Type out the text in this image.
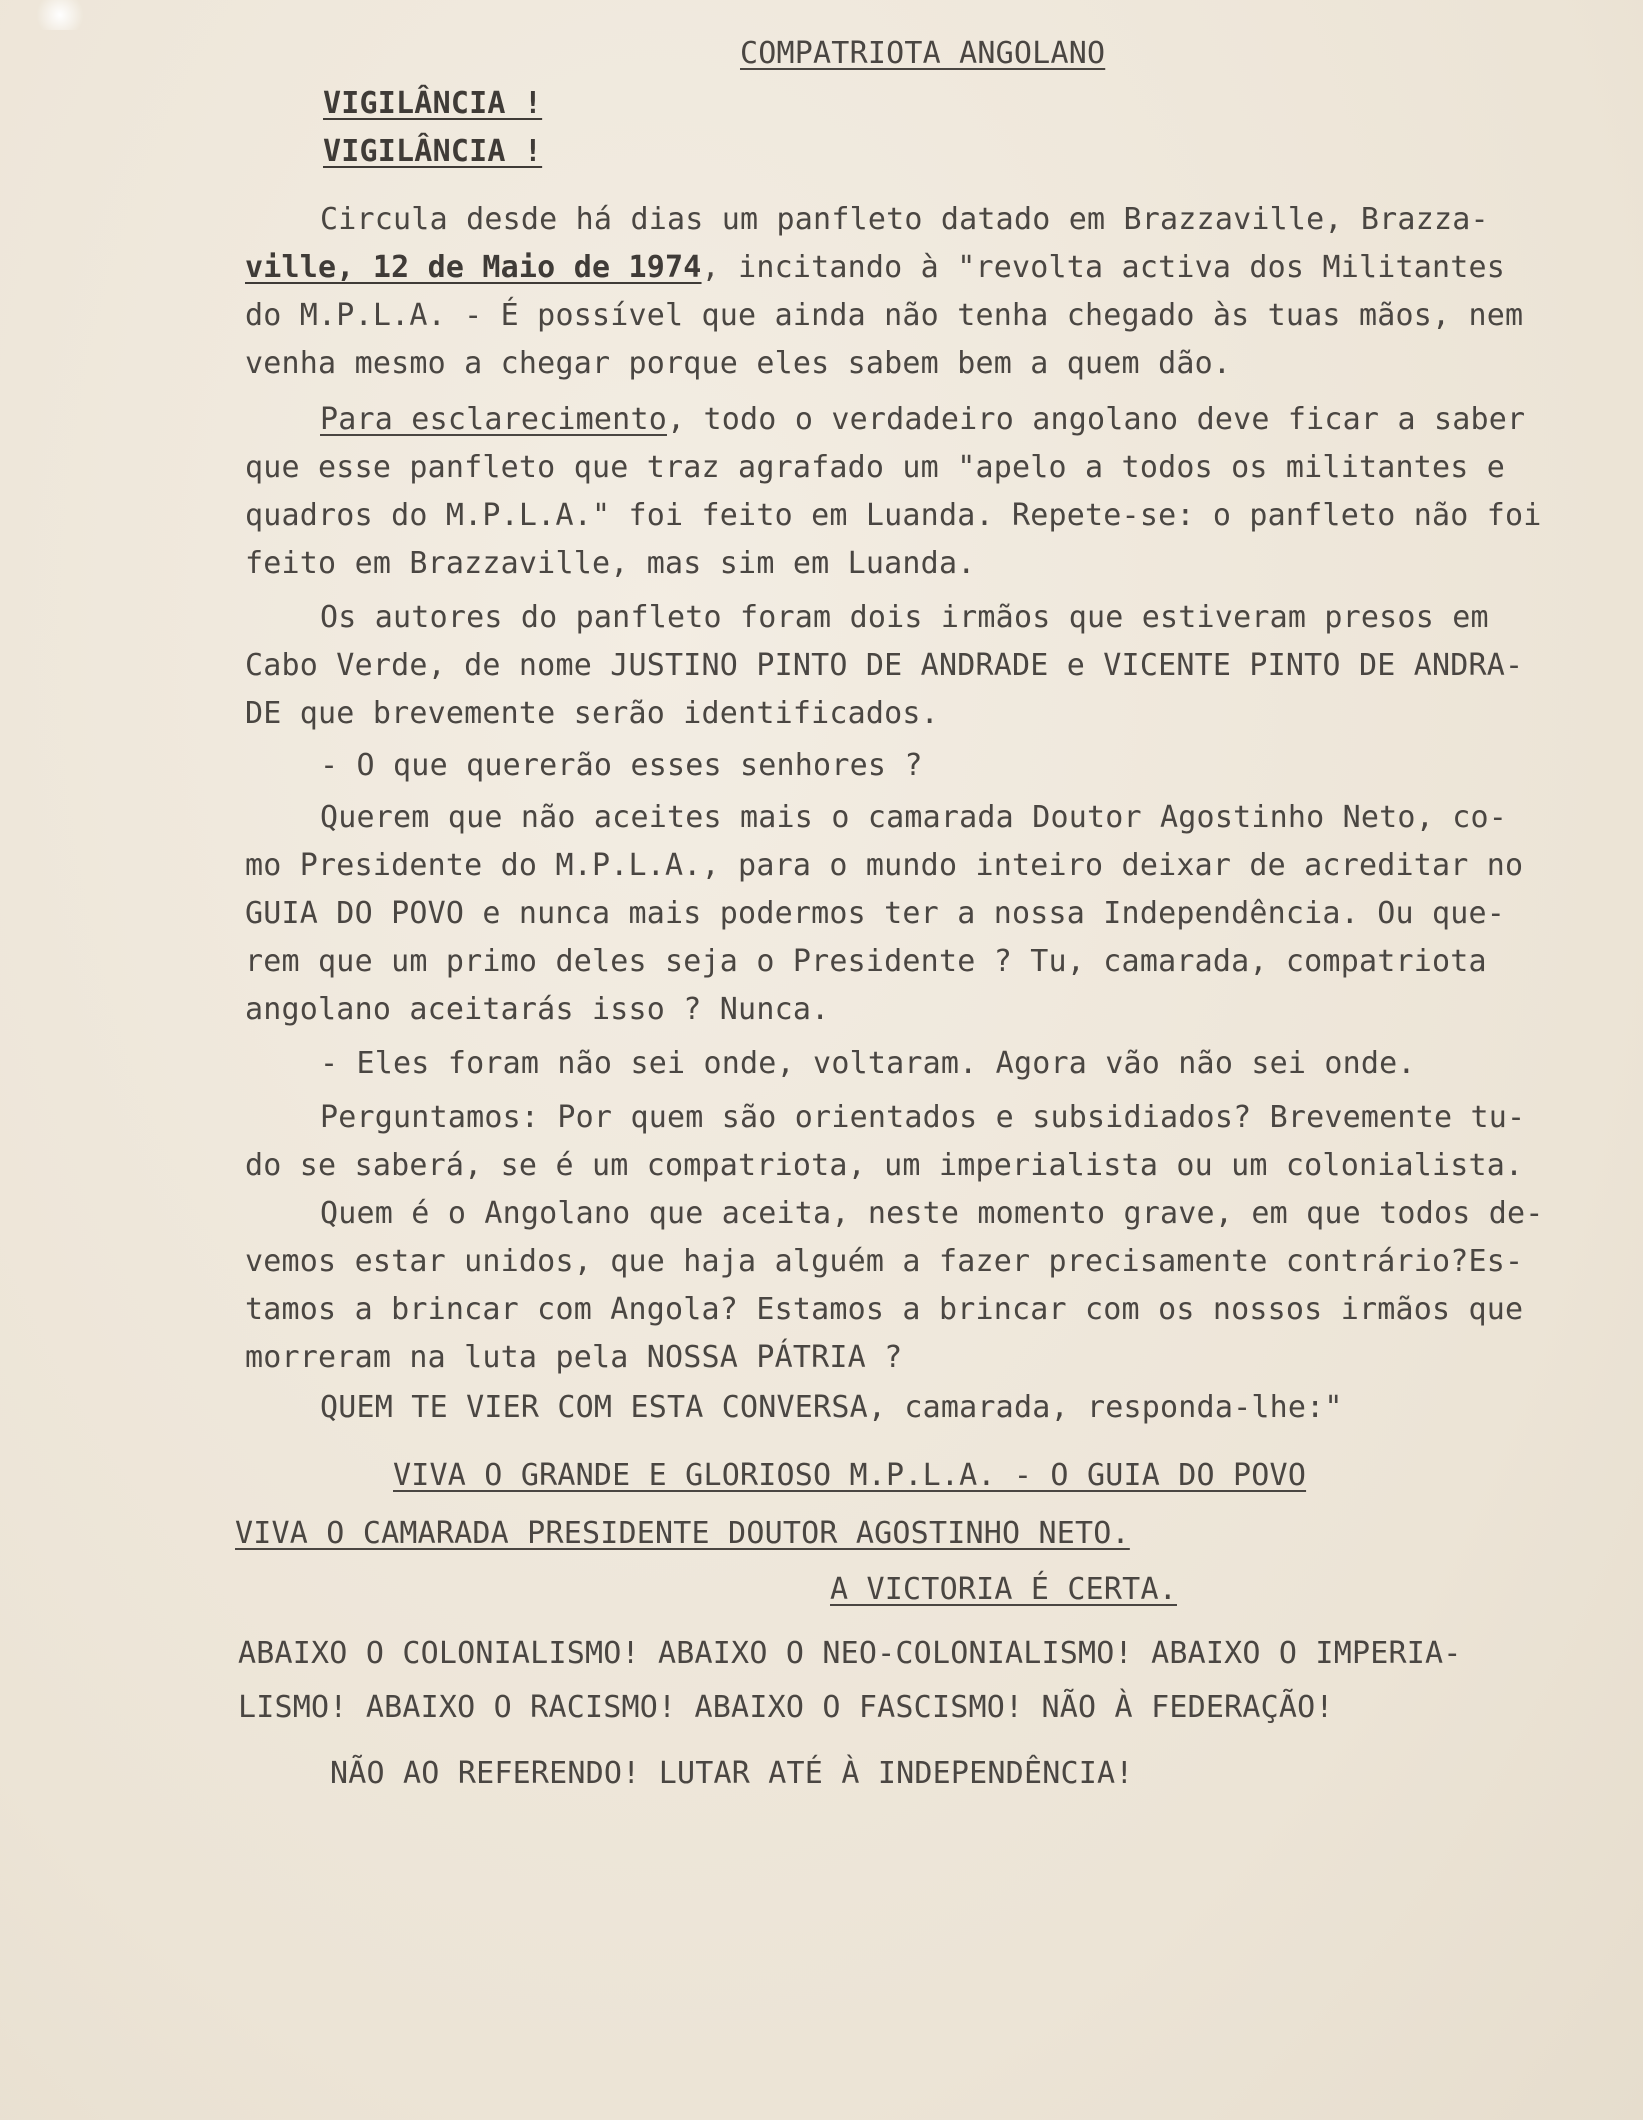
COMPATRIOTA ANGOLANO
VIGILÂNCIA !
VIGILÂNCIA !
Circula desde há dias um panfleto datado em Brazzaville, Brazza-
ville, 12 de Maio de 1974, incitando à "revolta activa dos Militantes
do M.P.L.A. - É possível que ainda não tenha chegado às tuas mãos, nem
venha mesmo a chegar porque eles sabem bem a quem dão.
Para esclarecimento, todo o verdadeiro angolano deve ficar a saber
que esse panfleto que traz agrafado um "apelo a todos os militantes e
quadros do M.P.L.A." foi feito em Luanda. Repete-se: o panfleto não foi
feito em Brazzaville, mas sim em Luanda.
Os autores do panfleto foram dois irmãos que estiveram presos em
Cabo Verde, de nome JUSTINO PINTO DE ANDRADE e VICENTE PINTO DE ANDRA-
DE que brevemente serão identificados.
- O que quererão esses senhores ?
Querem que não aceites mais o camarada Doutor Agostinho Neto, co-
mo Presidente do M.P.L.A., para o mundo inteiro deixar de acreditar no
GUIA DO POVO e nunca mais podermos ter a nossa Independência. Ou que-
rem que um primo deles seja o Presidente ? Tu, camarada, compatriota
angolano aceitarás isso ? Nunca.
- Eles foram não sei onde, voltaram. Agora vão não sei onde.
Perguntamos: Por quem são orientados e subsidiados? Brevemente tu-
do se saberá, se é um compatriota, um imperialista ou um colonialista.
Quem é o Angolano que aceita, neste momento grave, em que todos de-
vemos estar unidos, que haja alguém a fazer precisamente contrário?Es-
tamos a brincar com Angola? Estamos a brincar com os nossos irmãos que
morreram na luta pela NOSSA PÁTRIA ?
QUEM TE VIER COM ESTA CONVERSA, camarada, responda-lhe:"
VIVA O GRANDE E GLORIOSO M.P.L.A. - O GUIA DO POVO
VIVA O CAMARADA PRESIDENTE DOUTOR AGOSTINHO NETO.
A VICTORIA É CERTA.
ABAIXO O COLONIALISMO! ABAIXO O NEO-COLONIALISMO! ABAIXO O IMPERIA-
LISMO! ABAIXO O RACISMO! ABAIXO O FASCISMO! NÃO À FEDERAÇÃO!
NÃO AO REFERENDO! LUTAR ATÉ À INDEPENDÊNCIA!
